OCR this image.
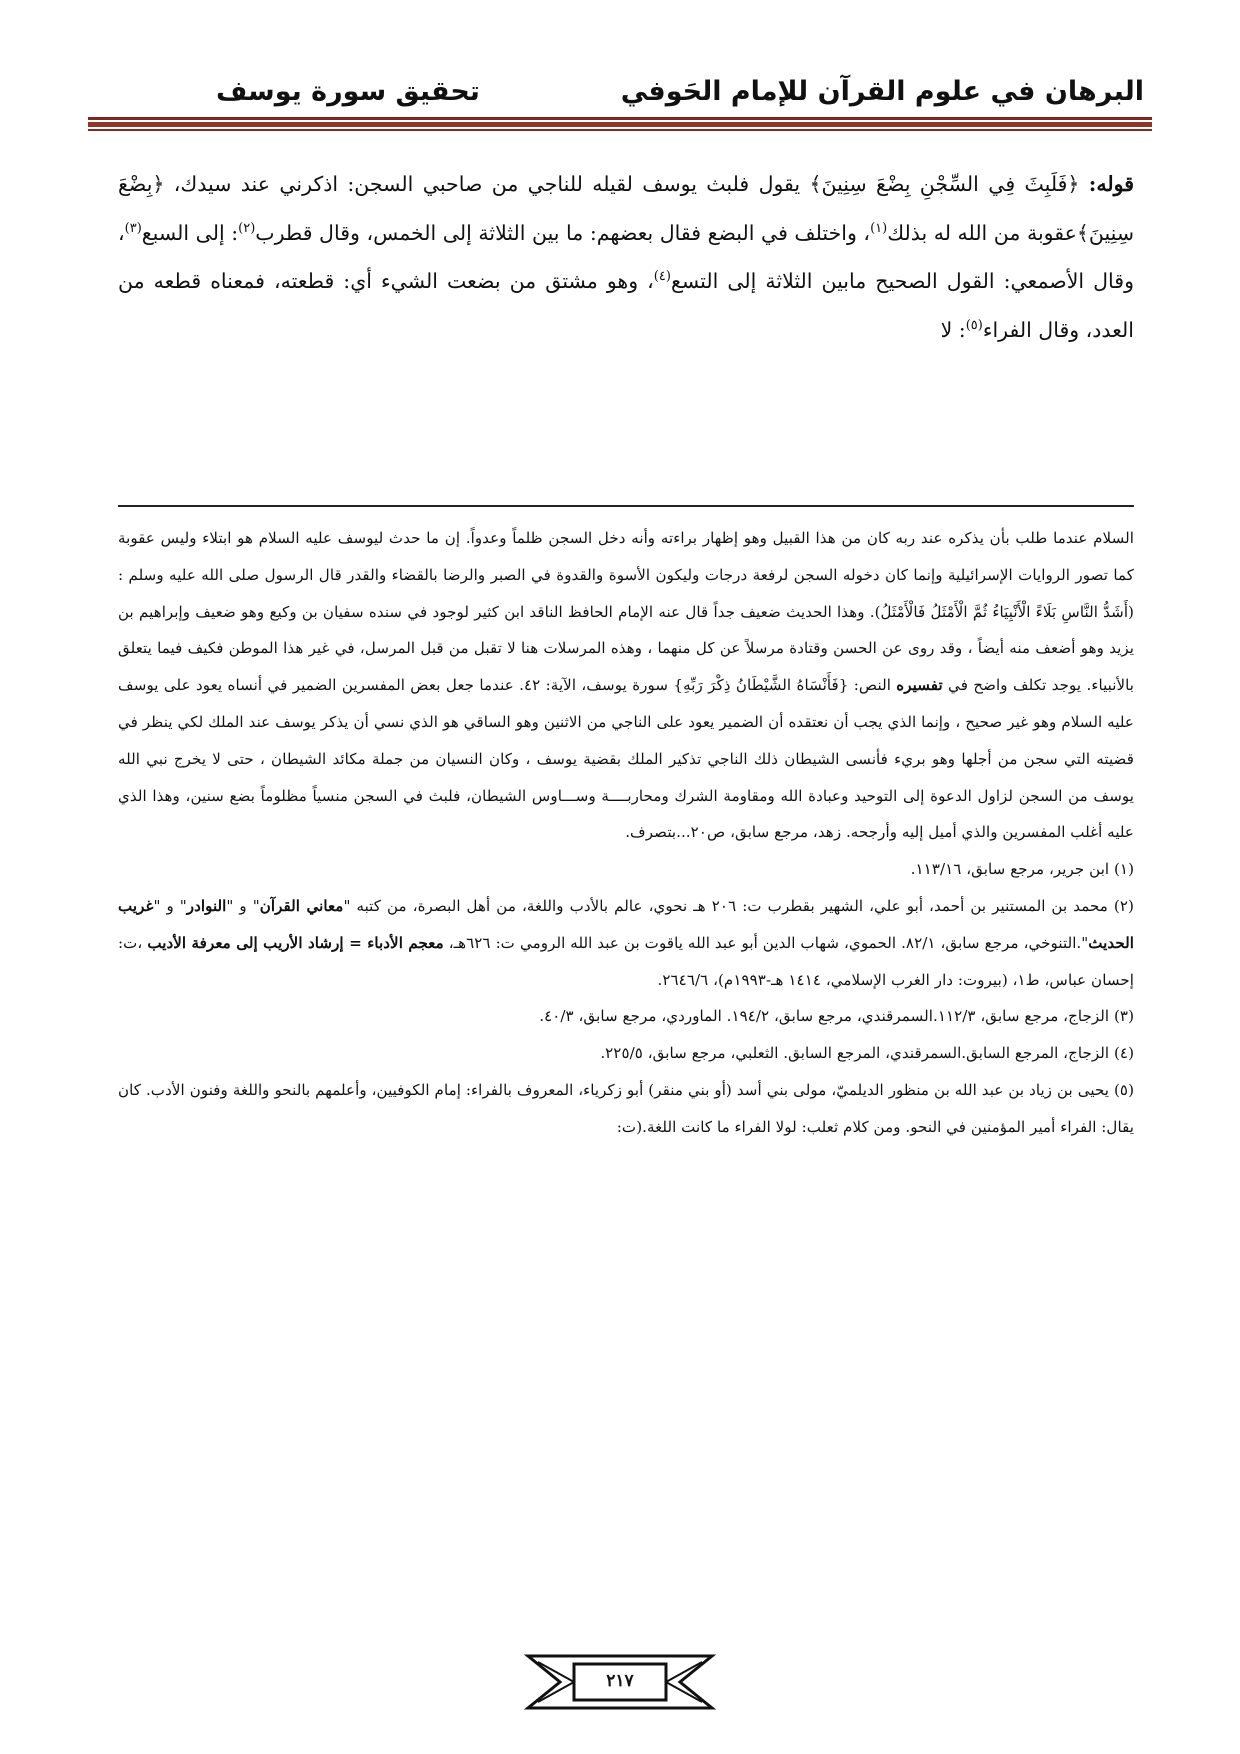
البرهان في علوم القرآن للإمام الحَوفي
تحقيق سورة يوسف

قوله: ﴿فَلَبِثَ فِي السِّجْنِ بِضْعَ سِنِينَ﴾ يقول فلبث يوسف لقيله للناجي من صاحبي السجن: اذكرني عند سيدك، ﴿بِضْعَ سِنِينَ﴾عقوبة من الله له بذلك$^{(١)}$، واختلف في البضع فقال بعضهم: ما بين الثلاثة إلى الخمس، وقال قطرب$^{(٢)}$: إلى السبع$^{(٣)}$، وقال الأصمعي: القول الصحيح مابين الثلاثة إلى التسع$^{(٤)}$، وهو مشتق من بضعت الشيء أي: قطعته، فمعناه قطعه من العدد، وقال الفراء$^{(٥)}$: لا

السلام عندما طلب بأن يذكره عند ربه كان من هذا القبيل وهو إظهار براءته وأنه دخل السجن ظلماً وعدواً. إن ما حدث ليوسف عليه السلام هو ابتلاء وليس عقوبة كما تصور الروايات الإسرائيلية وإنما كان دخوله السجن لرفعة درجات وليكون الأسوة والقدوة في الصبر والرضا بالقضاء والقدر قال الرسول صلى الله عليه وسلم : (أَشَدُّ النَّاسِ بَلَاءً الْأَنْبِيَاءُ ثُمَّ الْأَمْثَلُ فَالْأَمْثَلُ). وهذا الحديث ضعيف جداً قال عنه الإمام الحافظ الناقد ابن كثير لوجود في سنده سفيان بن وكيع وهو ضعيف وإبراهيم بن يزيد وهو أضعف منه أيضاً ، وقد روى عن الحسن وقتادة مرسلاً عن كل منهما ، وهذه المرسلات هنا لا تقبل من قبل المرسل، في غير هذا الموطن فكيف فيما يتعلق بالأنبياء. يوجد تكلف واضح في تفسيره النص: {فَأَنْسَاهُ الشَّيْطَانُ ذِكْرَ رَبِّهِ} سورة يوسف، الآية: ٤٢. عندما جعل بعض المفسرين الضمير في أنساه يعود على يوسف عليه السلام وهو غير صحيح ، وإنما الذي يجب أن نعتقده أن الضمير يعود على الناجي من الاثنين وهو الساقي هو الذي نسي أن يذكر يوسف عند الملك لكي ينظر في قضيته التي سجن من أجلها وهو بريء فأنسى الشيطان ذلك الناجي تذكير الملك بقضية يوسف ، وكان النسيان من جملة مكائد الشيطان ، حتى لا يخرج نبي الله يوسف من السجن لزاول الدعوة إلى التوحيد وعبادة الله ومقاومة الشرك ومحاربــــة وســـاوس الشيطان، فلبث في السجن منسياً مظلوماً بضع سنين، وهذا الذي عليه أغلب المفسرين والذي أميل إليه وأرجحه. زهد، مرجع سابق، ص٢٠...بتصرف.

(١) ابن جرير، مرجع سابق، ١١٣/١٦.

(٢) محمد بن المستنير بن أحمد، أبو علي، الشهير بقطرب ت: ٢٠٦ هـ نحوي، عالم بالأدب واللغة، من أهل البصرة، من كتبه "معاني القرآن" و "النوادر" و "غريب الحديث".التنوخي، مرجع سابق، ٨٢/١. الحموي، شهاب الدين أبو عبد الله ياقوت بن عبد الله الرومي ت: ٦٢٦هـ، معجم الأدباء = إرشاد الأريب إلى معرفة الأديب ،ت: إحسان عباس، ط١، (بيروت: دار الغرب الإسلامي، ١٤١٤ هـ-١٩٩٣م)، ٢٦٤٦/٦.

(٣) الزجاج، مرجع سابق، ١١٢/٣.السمرقندي، مرجع سابق، ١٩٤/٢. الماوردي، مرجع سابق، ٤٠/٣.

(٤) الزجاج، المرجع السابق.السمرقندي، المرجع السابق. الثعلبي، مرجع سابق، ٢٢٥/٥.

(٥) يحيى بن زياد بن عبد الله بن منظور الديلميّ، مولى بني أسد (أو بني منقر) أبو زكرياء، المعروف بالفراء: إمام الكوفيين، وأعلمهم بالنحو واللغة وفنون الأدب. كان يقال: الفراء أمير المؤمنين في النحو. ومن كلام ثعلب: لولا الفراء ما كانت اللغة.(ت:

٢١٧
